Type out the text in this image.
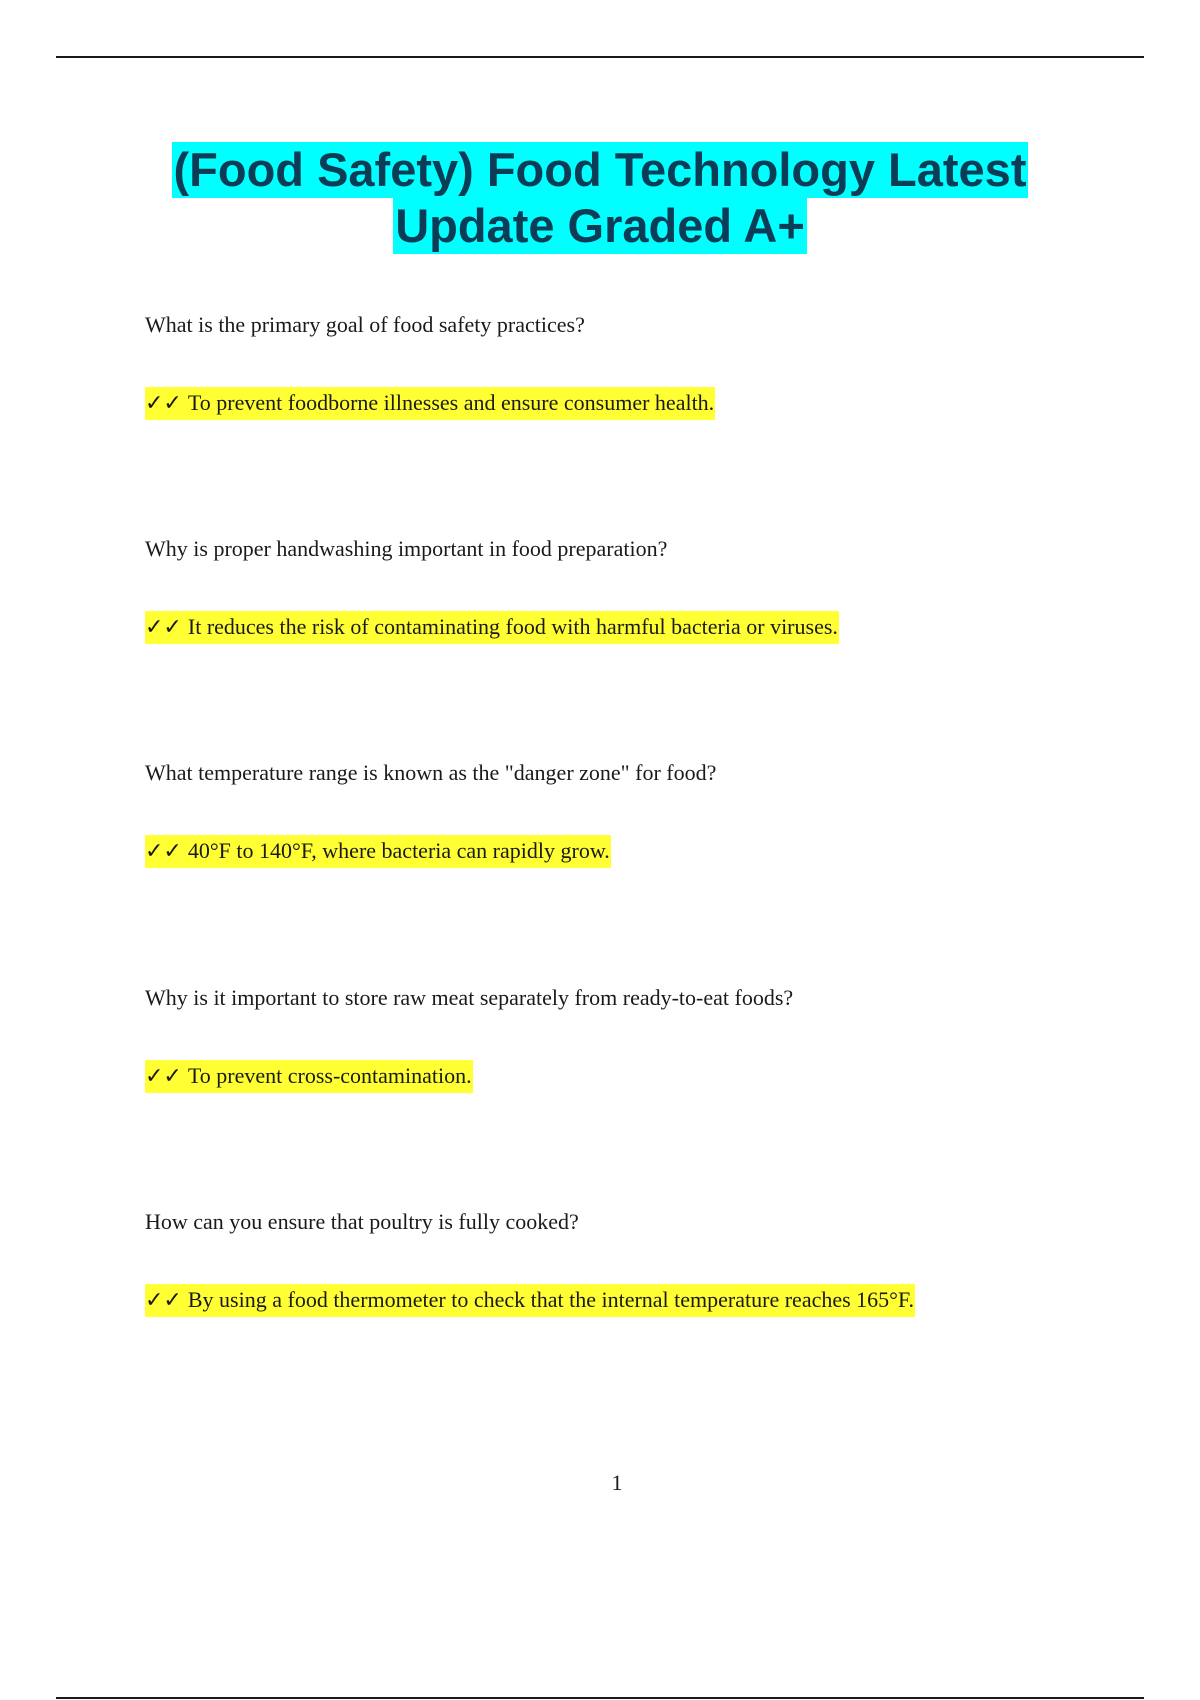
(Food Safety) Food Technology Latest
Update Graded A+
What is the primary goal of food safety practices?
✓✓ To prevent foodborne illnesses and ensure consumer health.
Why is proper handwashing important in food preparation?
✓✓ It reduces the risk of contaminating food with harmful bacteria or viruses.
What temperature range is known as the "danger zone" for food?
✓✓ 40°F to 140°F, where bacteria can rapidly grow.
Why is it important to store raw meat separately from ready-to-eat foods?
✓✓ To prevent cross-contamination.
How can you ensure that poultry is fully cooked?
✓✓ By using a food thermometer to check that the internal temperature reaches 165°F.
1
